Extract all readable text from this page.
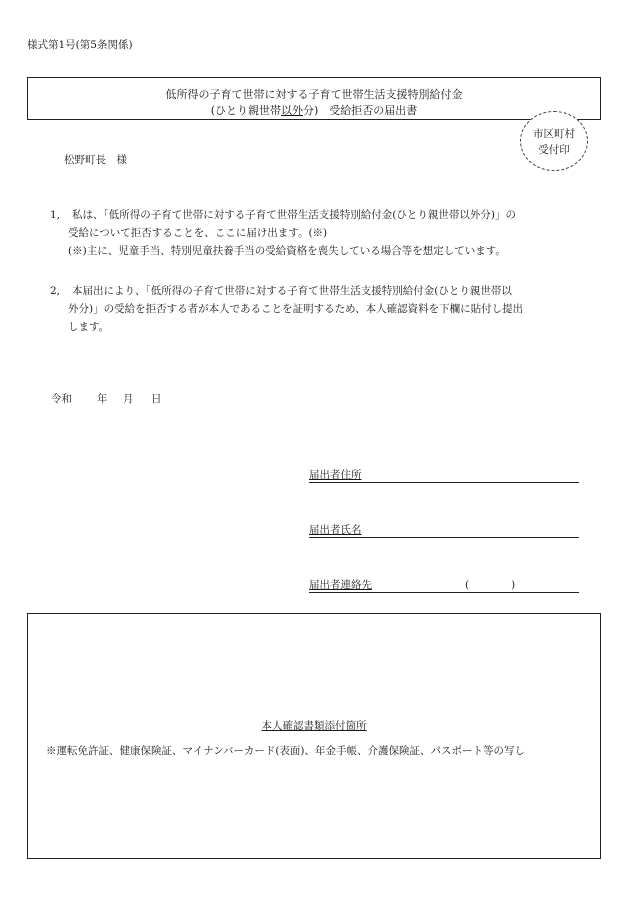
様式第1号(第5条関係)
低所得の子育て世帯に対する子育て世帯生活支援特別給付金
(ひとり親世帯以外分)　受給拒否の届出書
市区町村
受付印
松野町長　様
1, 私は、「低所得の子育て世帯に対する子育て世帯生活支援特別給付金(ひとり親世帯以外分)」の
受給について拒否することを、ここに届け出ます。(※)
(※)主に、児童手当、特別児童扶養手当の受給資格を喪失している場合等を想定しています。
2, 本届出により、「低所得の子育て世帯に対する子育て世帯生活支援特別給付金(ひとり親世帯以
外分)」の受給を拒否する者が本人であることを証明するため、本人確認資料を下欄に貼付し提出
します。
令和 年 月 日
届出者住所
届出者氏名
届出者連絡先	(　　　　)
本人確認書類添付箇所
※運転免許証、健康保険証、マイナンバーカード(表面)、年金手帳、介護保険証、パスポート等の写し
